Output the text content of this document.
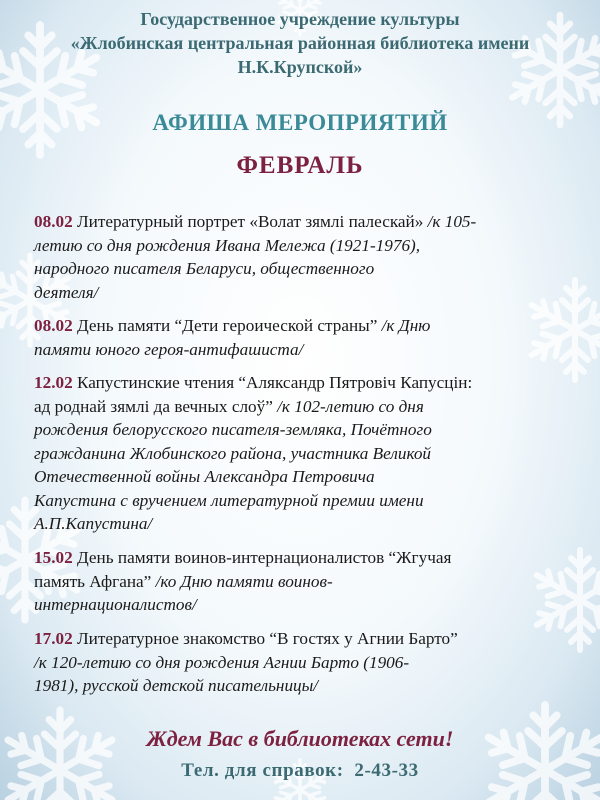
Государственное учреждение культуры
«Жлобинская центральная районная библиотека имени
Н.К.Крупской»
АФИША МЕРОПРИЯТИЙ
ФЕВРАЛЬ
08.02 Литературный портрет «Волат зямлі палескай» /к 105-
летию со дня рождения Ивана Мележа (1921-1976),
народного писателя Беларуси, общественного
деятеля/
08.02 День памяти “Дети героической страны” /к Дню
памяти юного героя-антифашиста/
12.02 Капустинские чтения “Аляксандр Пятровіч Капусцін:
ад роднай зямлі да вечных слоў” /к 102-летию со дня
рождения белорусского писателя-земляка, Почётного
гражданина Жлобинского района, участника Великой
Отечественной войны Александра Петровича
Капустина с вручением литературной премии имени
А.П.Капустина/
15.02 День памяти воинов-интернационалистов “Жгучая
память Афгана” /ко Дню памяти воинов-
интернационалистов/
17.02 Литературное знакомство “В гостях у Агнии Барто”
/к 120-летию со дня рождения Агнии Барто (1906-
1981), русской детской писательницы/
Ждем Вас в библиотеках сети!
Тел. для справок: 2-43-33
